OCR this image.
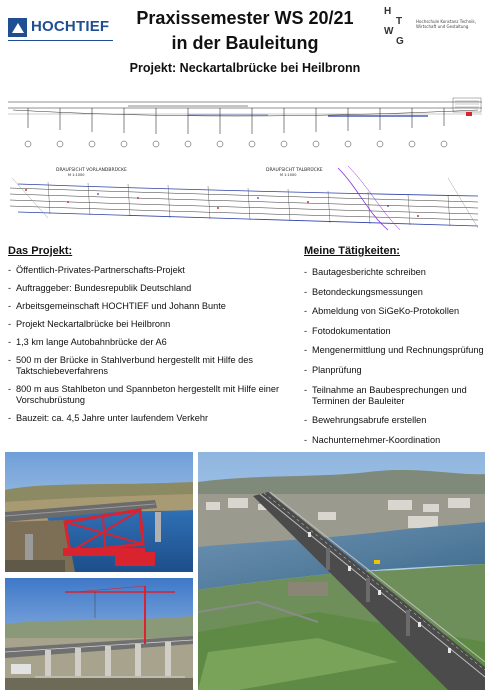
HOCHTIEF	Praxissemester WS 20/21
in der Bauleitung
Projekt: Neckartalbrücke bei Heilbronn
H
T
W
G
Hochschule Konstanz Technik, Wirtschaft und Gestaltung
DRAUFSICHT VORLANDBRÜCKE
M 1:1000
DRAUFSICHT TALBRÜCKE
M 1:1000
Das Projekt:
- Öffentlich-Privates-Partnerschafts-Projekt
- Auftraggeber: Bundesrepublik Deutschland
- Arbeitsgemeinschaft HOCHTIEF und Johann Bunte
- Projekt Neckartalbrücke bei Heilbronn
- 1,3 km lange Autobahnbrücke der A6
- 500 m der Brücke in Stahlverbund hergestellt mit Hilfe des Taktschiebeverfahrens
- 800 m aus Stahlbeton und Spannbeton hergestellt mit Hilfe einer Vorschubrüstung
- Bauzeit: ca. 4,5 Jahre unter laufendem Verkehr
Meine Tätigkeiten:
- Bautagesberichte schreiben
- Betondeckungsmessungen
- Abmeldung von SiGeKo-Protokollen
- Fotodokumentation
- Mengenermittlung und Rechnungsprüfung
- Planprüfung
- Teilnahme an Baubesprechungen und Terminen der Bauleiter
- Bewehrungsabrufe erstellen
- Nachunternehmer-Koordination
